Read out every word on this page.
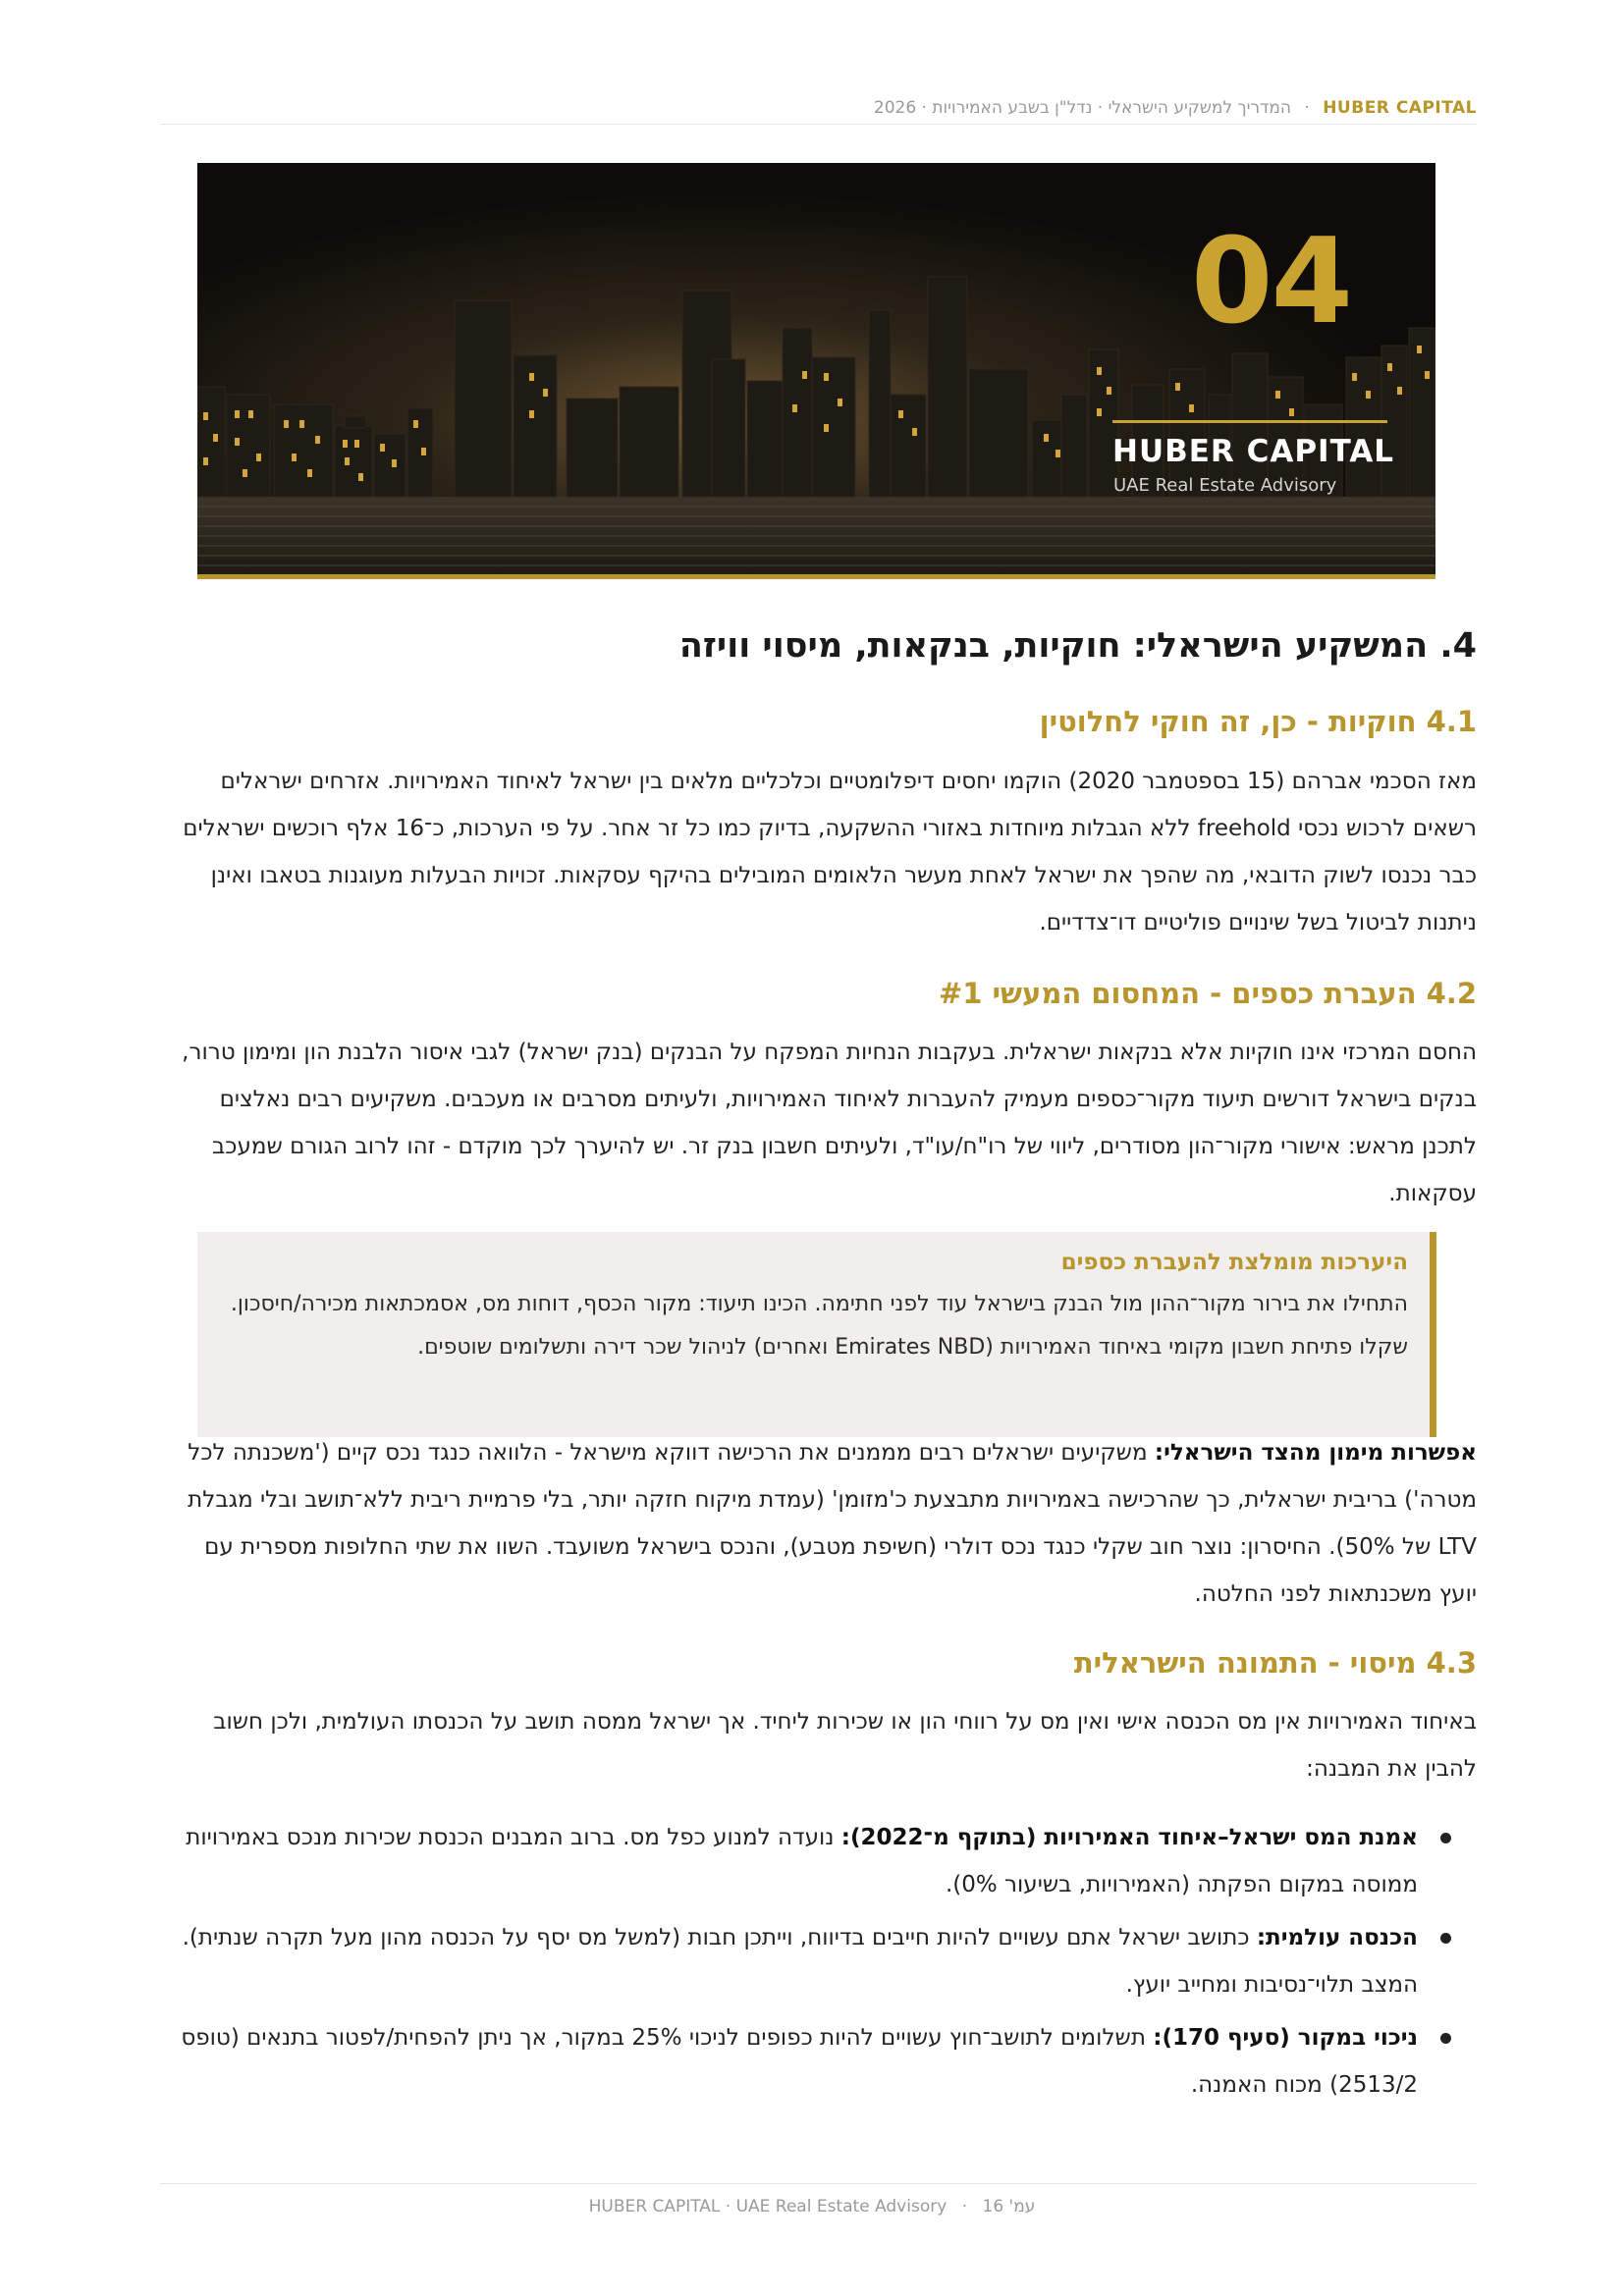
HUBER CAPITAL · המדריך למשקיע הישראלי · נדל"ן בשבע האמירויות · 2026
04
HUBER CAPITAL
UAE Real Estate Advisory
4. המשקיע הישראלי: חוקיות, בנקאות, מיסוי וויזה
4.1 חוקיות - כן, זה חוקי לחלוטין

מאז הסכמי אברהם (15 בספטמבר 2020) הוקמו יחסים דיפלומטיים וכלכליים מלאים בין ישראל לאיחוד האמירויות. אזרחים ישראלים רשאים לרכוש נכסי freehold ללא הגבלות מיוחדות באזורי ההשקעה, בדיוק כמו כל זר אחר. על פי הערכות, כ־16 אלף רוכשים ישראלים כבר נכנסו לשוק הדובאי, מה שהפך את ישראל לאחת מעשר הלאומים המובילים בהיקף עסקאות. זכויות הבעלות מעוגנות בטאבו ואינן ניתנות לביטול בשל שינויים פוליטיים דו־צדדיים.

4.2 העברת כספים - המחסום המעשי #1

החסם המרכזי אינו חוקיות אלא בנקאות ישראלית. בעקבות הנחיות המפקח על הבנקים (בנק ישראל) לגבי איסור הלבנת הון ומימון טרור, בנקים בישראל דורשים תיעוד מקור־כספים מעמיק להעברות לאיחוד האמירויות, ולעיתים מסרבים או מעכבים. משקיעים רבים נאלצים לתכנן מראש: אישורי מקור־הון מסודרים, ליווי של רו"ח/עו"ד, ולעיתים חשבון בנק זר. יש להיערך לכך מוקדם - זהו לרוב הגורם שמעכב עסקאות.

היערכות מומלצת להעברת כספים

התחילו את בירור מקור־ההון מול הבנק בישראל עוד לפני חתימה. הכינו תיעוד: מקור הכסף, דוחות מס, אסמכתאות מכירה/חיסכון. שקלו פתיחת חשבון מקומי באיחוד האמירויות (Emirates NBD ואחרים) לניהול שכר דירה ותשלומים שוטפים.

אפשרות מימון מהצד הישראלי: משקיעים ישראלים רבים מממנים את הרכישה דווקא מישראל - הלוואה כנגד נכס קיים ('משכנתה לכל מטרה') בריבית ישראלית, כך שהרכישה באמירויות מתבצעת כ'מזומן' (עמדת מיקוח חזקה יותר, בלי פרמיית ריבית ללא־תושב ובלי מגבלת LTV של 50%). החיסרון: נוצר חוב שקלי כנגד נכס דולרי (חשיפת מטבע), והנכס בישראל משועבד. השוו את שתי החלופות מספרית עם יועץ משכנתאות לפני החלטה.

4.3 מיסוי - התמונה הישראלית

באיחוד האמירויות אין מס הכנסה אישי ואין מס על רווחי הון או שכירות ליחיד. אך ישראל ממסה תושב על הכנסתו העולמית, ולכן חשוב להבין את המבנה:

אמנת המס ישראל–איחוד האמירויות (בתוקף מ־2022): נועדה למנוע כפל מס. ברוב המבנים הכנסת שכירות מנכס באמירויות ממוסה במקום הפקתה (האמירויות, בשיעור 0%).
הכנסה עולמית: כתושב ישראל אתם עשויים להיות חייבים בדיווח, וייתכן חבות (למשל מס יסף על הכנסה מהון מעל תקרה שנתית). המצב תלוי־נסיבות ומחייב יועץ.
ניכוי במקור (סעיף 170): תשלומים לתושב־חוץ עשויים להיות כפופים לניכוי 25% במקור, אך ניתן להפחית/לפטור בתנאים (טופס 2513/2) מכוח האמנה.
עמ' 16 · HUBER CAPITAL · UAE Real Estate Advisory
